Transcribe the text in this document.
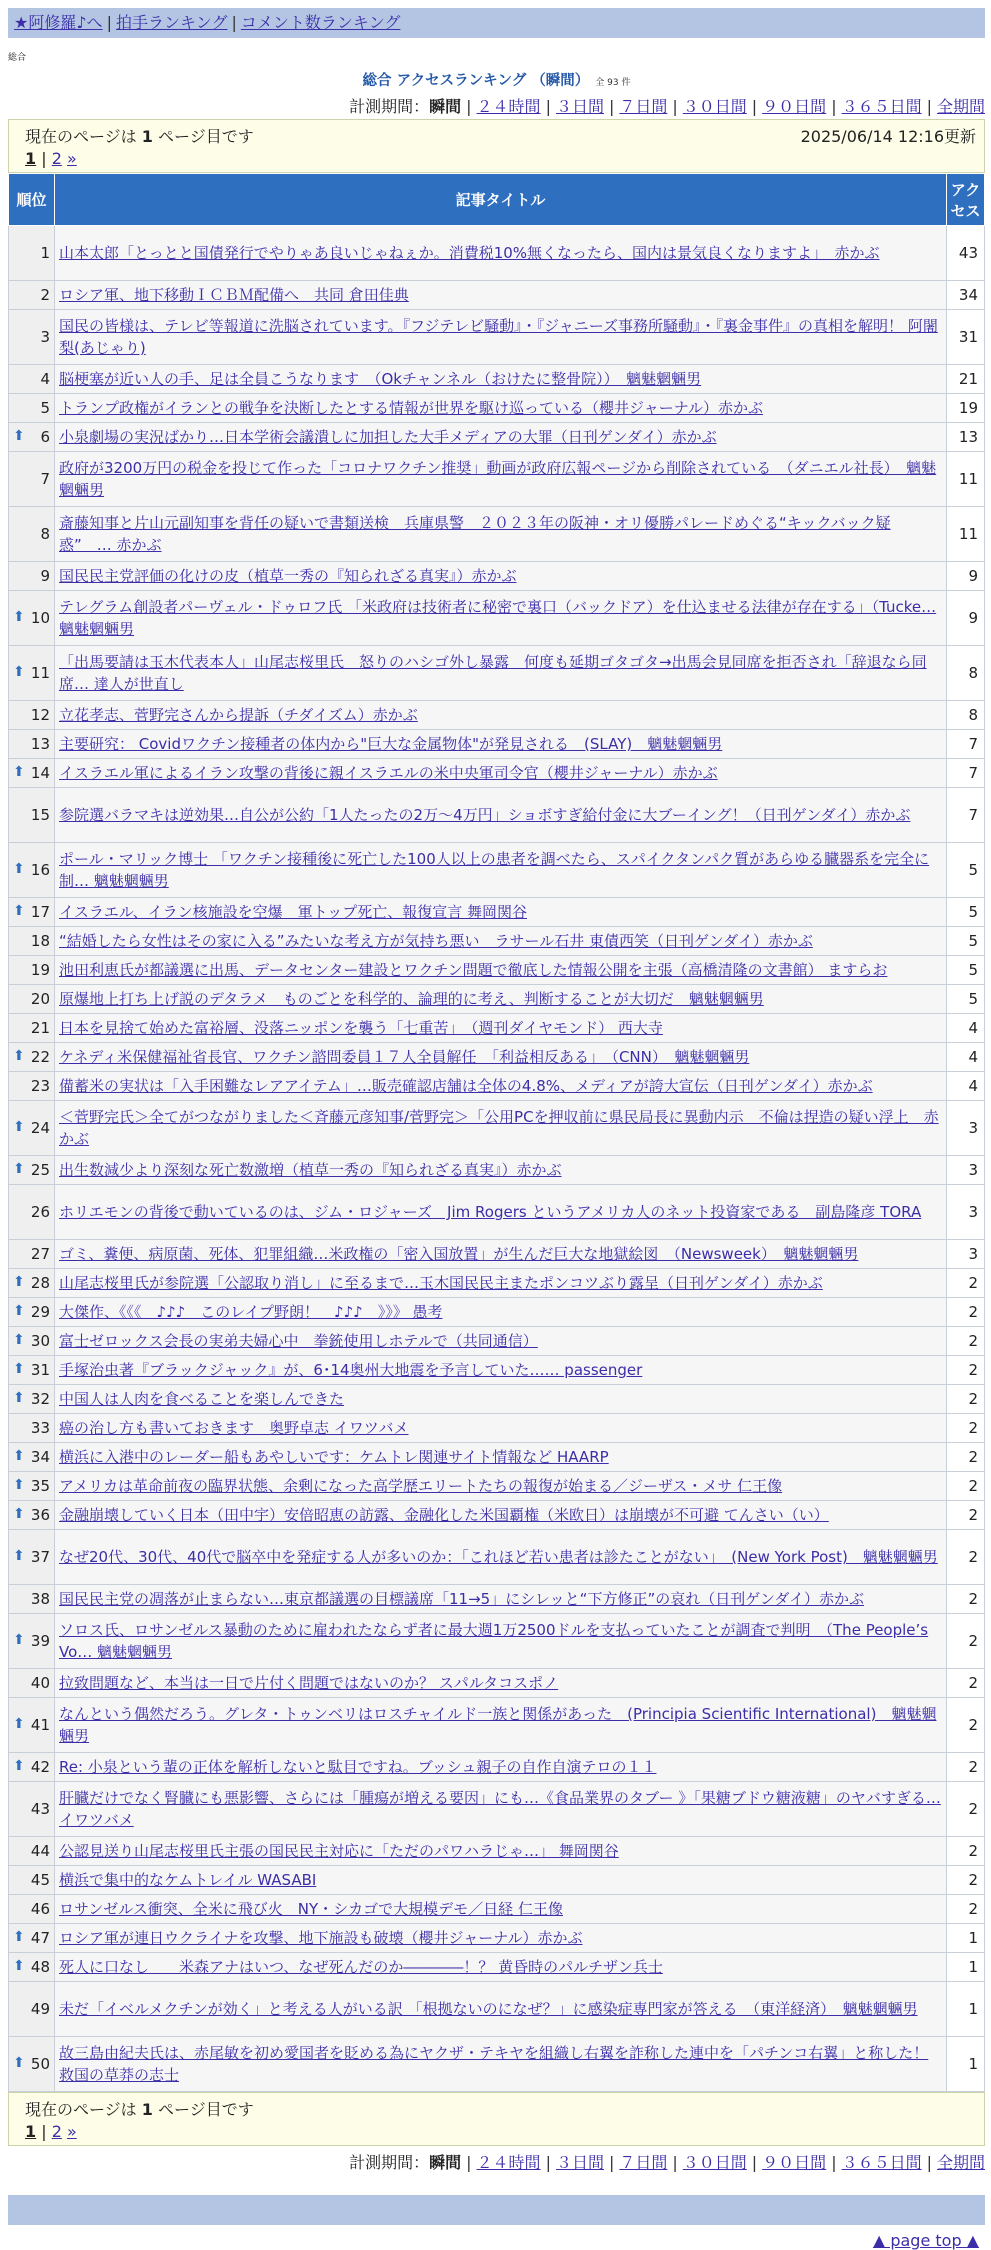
★阿修羅♪へ | 拍手ランキング | コメント数ランキング
総合
総合 アクセスランキング （瞬間） 全 93 件
計測期間：瞬間 | ２４時間 | ３日間 | ７日間 | ３０日間 | ９０日間 | ３６５日間 | 全期間
現在のページは 1 ページ目です	2025/06/14 12:16更新
1 | 2 »
順位	記事タイトル	アクセス
1	山本太郎「とっとと国債発行でやりゃあ良いじゃねぇか。消費税10%無くなったら、国内は景気良くなりますよ」　赤かぶ	43
2	ロシア軍、地下移動ＩＣＢＭ配備へ　共同 倉田佳典	34
3	国民の皆様は、テレビ等報道に洗脳されています。『フジテレビ騒動』・『ジャニーズ事務所騒動』・『裏金事件』の真相を解明！ 阿闍梨(あじゃり)	31
4	脳梗塞が近い人の手、足は全員こうなります　（Okチャンネル（おけたに整骨院））　魑魅魍魎男	21
5	トランプ政権がイランとの戦争を決断したとする情報が世界を駆け巡っている（櫻井ジャーナル）赤かぶ	19

⬆ 6	小泉劇場の実況ばかり…日本学術会議潰しに加担した大手メディアの大罪（日刊ゲンダイ）赤かぶ	13
7	政府が3200万円の税金を投じて作った「コロナワクチン推奨」動画が政府広報ページから削除されている　（ダニエル社長）　魑魅魍魎男	11
8	斎藤知事と片山元副知事を背任の疑いで書類送検　兵庫県警　２０２３年の阪神・オリ優勝パレードめぐる“キックバック疑惑”　… 赤かぶ	11
9	国民民主党評価の化けの皮（植草一秀の『知られざる真実』）赤かぶ	9

⬆ 10	テレグラム創設者パーヴェル・ドゥロフ氏 「米政府は技術者に秘密で裏口（バックドア）を仕込ませる法律が存在する」（Tucke… 魑魅魍魎男	9

⬆ 11	「出馬要請は玉木代表本人」山尾志桜里氏　怒りのハシゴ外し暴露　何度も延期ゴタゴタ→出馬会見同席を拒否され「辞退なら同席… 達人が世直し	8
12	立花孝志、菅野完さんから提訴（チダイズム）赤かぶ	8
13	主要研究： Covidワクチン接種者の体内から"巨大な金属物体"が発見される　(SLAY)　魑魅魍魎男	7

⬆ 14	イスラエル軍によるイラン攻撃の背後に親イスラエルの米中央軍司令官（櫻井ジャーナル）赤かぶ	7
15	参院選バラマキは逆効果…自公が公約「1人たったの2万～4万円」ショボすぎ給付金に大ブーイング！（日刊ゲンダイ）赤かぶ	7

⬆ 16	ポール・マリック博士 「ワクチン接種後に死亡した100人以上の患者を調べたら、スパイクタンパク質があらゆる臓器系を完全に制… 魑魅魍魎男	5

⬆ 17	イスラエル、イラン核施設を空爆　軍トップ死亡、報復宣言 舞岡関谷	5
18	“結婚したら女性はその家に入る”みたいな考え方が気持ち悪い　ラサール石井 東債西笑（日刊ゲンダイ）赤かぶ	5
19	池田利恵氏が都議選に出馬、データセンター建設とワクチン問題で徹底した情報公開を主張（高橋清隆の文書館） ますらお	5
20	原爆地上打ち上げ説のデタラメ　ものごとを科学的、論理的に考え、判断することが大切だ　魑魅魍魎男	5
21	日本を見捨て始めた富裕層、没落ニッポンを襲う「七重苦」　（週刊ダイヤモンド） 西大寺	4

⬆ 22	ケネディ米保健福祉省長官、ワクチン諮問委員１７人全員解任　「利益相反ある」　（CNN）　魑魅魍魎男	4
23	備蓄米の実状は「入手困難なレアアイテム」…販売確認店舗は全体の4.8%、メディアが誇大宣伝（日刊ゲンダイ）赤かぶ	4

⬆ 24	＜菅野完氏＞全てがつながりました＜斉藤元彦知事/菅野完＞「公用PCを押収前に県民局長に異動内示　不倫は捏造の疑い浮上　赤かぶ	3

⬆ 25	出生数減少より深刻な死亡数激増（植草一秀の『知られざる真実』）赤かぶ	3
26	ホリエモンの背後で動いているのは、ジム・ロジャーズ　Jim Rogers というアメリカ人のネット投資家である　副島隆彦 TORA	3
27	ゴミ、糞便、病原菌、死体、犯罪組織…米政権の「密入国放置」が生んだ巨大な地獄絵図　（Newsweek）　魑魅魍魎男	3

⬆ 28	山尾志桜里氏が参院選「公認取り消し」に至るまで…玉木国民民主またポンコツぶり露呈（日刊ゲンダイ）赤かぶ	2

⬆ 29	大傑作、《《《　♪♪♪　このレイプ野朗！　♪♪♪　》》》 愚考	2

⬆ 30	富士ゼロックス会長の実弟夫婦心中　拳銃使用しホテルで（共同通信）	2

⬆ 31	手塚治虫著『ブラックジャック』が、6･14奥州大地震を予言していた…… passenger	2

⬆ 32	中国人は人肉を食べることを楽しんできた	2
33	癌の治し方も書いておきます　奥野卓志 イワツバメ	2

⬆ 34	横浜に入港中のレーダー船もあやしいです：ケムトレ関連サイト情報など HAARP	2

⬆ 35	アメリカは革命前夜の臨界状態、余剰になった高学歴エリートたちの報復が始まる／ジーザス・メサ 仁王像	2

⬆ 36	金融崩壊していく日本（田中宇）安倍昭恵の訪露、金融化した米国覇権（米欧日）は崩壊が不可避 てんさい（い）	2

⬆ 37	なぜ20代、30代、40代で脳卒中を発症する人が多いのか：「これほど若い患者は診たことがない」　(New York Post)　魑魅魍魎男	2
38	国民民主党の凋落が止まらない…東京都議選の目標議席「11→5」にシレッと“下方修正”の哀れ（日刊ゲンダイ）赤かぶ	2

⬆ 39	ソロス氏、ロサンゼルス暴動のために雇われたならず者に最大週1万2500ドルを支払っていたことが調査で判明　（The People’s Vo… 魑魅魍魎男	2
40	拉致問題など、本当は一日で片付く問題ではないのか？ スパルタコスポノ	2

⬆ 41	なんという偶然だろう。グレタ・トゥンベリはロスチャイルド一族と関係があった　(Principia Scientific International)　魑魅魍魎男	2

⬆ 42	Re: 小泉という輩の正体を解析しないと駄目ですね。ブッシュ親子の自作自演テロの１１	2
43	肝臓だけでなく腎臓にも悪影響、さらには「腫瘍が増える要因」にも…《食品業界のタブー 》「果糖ブドウ糖液糖」のヤバすぎる… イワツバメ	2
44	公認見送り山尾志桜里氏主張の国民民主対応に「ただのパワハラじゃ…」 舞岡関谷	2
45	横浜で集中的なケムトレイル WASABI	2
46	ロサンゼルス衝突、全米に飛び火　NY・シカゴで大規模デモ／日経 仁王像	2

⬆ 47	ロシア軍が連日ウクライナを攻撃、地下施設も破壊（櫻井ジャーナル）赤かぶ	1

⬆ 48	死人に口なし　　米森アナはいつ、なぜ死んだのか――――！？ 黄昏時のパルチザン兵士	1
49	未だ「イベルメクチンが効く」と考える人がいる訳 「根拠ないのになぜ？」に感染症専門家が答える　（東洋経済）　魑魅魍魎男	1

⬆ 50	故三島由紀夫氏は、赤尾敏を初め愛国者を貶める為にヤクザ・テキヤを組織し右翼を詐称した連中を「パチンコ右翼」と称した！ 救国の草莽の志士	1
現在のページは 1 ページ目です
1 | 2 »
計測期間：瞬間 | ２４時間 | ３日間 | ７日間 | ３０日間 | ９０日間 | ３６５日間 | 全期間
▲ page top ▲
